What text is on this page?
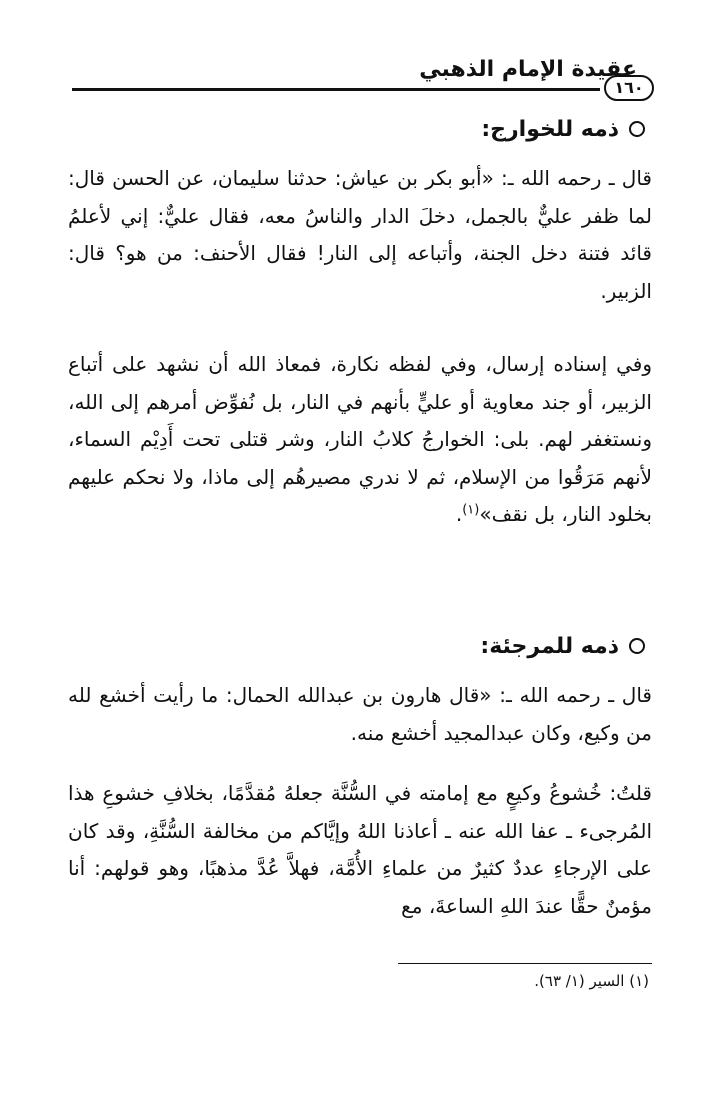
عقيدة الإمام الذهبي
١٦٠
ذمه للخوارج:
قال ـ رحمه الله ـ: «أبو بكر بن عياش: حدثنا سليمان، عن الحسن قال: لما ظفر عليٌّ بالجمل، دخلَ الدار والناسُ معه، فقال عليٌّ: إني لأعلمُ قائد فتنة دخل الجنة، وأتباعه إلى النار! فقال الأحنف: من هو؟ قال: الزبير.
وفي إسناده إرسال، وفي لفظه نكارة، فمعاذ الله أن نشهد على أتباع الزبير، أو جند معاوية أو عليٍّ بأنهم في النار، بل نُفوِّض أمرهم إلى الله، ونستغفر لهم. بلى: الخوارجُ كلابُ النار، وشر قتلى تحت أَدِيْم السماء، لأنهم مَرَقُوا من الإسلام، ثم لا ندري مصيرهُم إلى ماذا، ولا نحكم عليهم بخلود النار، بل نقف»$^{(١)}$.
ذمه للمرجئة:
قال ـ رحمه الله ـ: «قال هارون بن عبدالله الحمال: ما رأيت أخشع لله من وكيع، وكان عبدالمجيد أخشع منه.
قلتُ: خُشوعُ وكيعٍ مع إمامته في السُّنَّة جعلهُ مُقدَّمًا، بخلافِ خشوعِ هذا المُرجىء ـ عفا الله عنه ـ أعاذنا اللهُ وإيَّاكم من مخالفة السُّنَّةِ، وقد كان على الإرجاءِ عددٌ كثيرٌ من علماءِ الأُمَّة، فهلاَّ عُدَّ مذهبًا، وهو قولهم: أنا مؤمنٌ حقًّا عندَ اللهِ الساعةَ، مع
(١) السير (١/ ٦٣).
